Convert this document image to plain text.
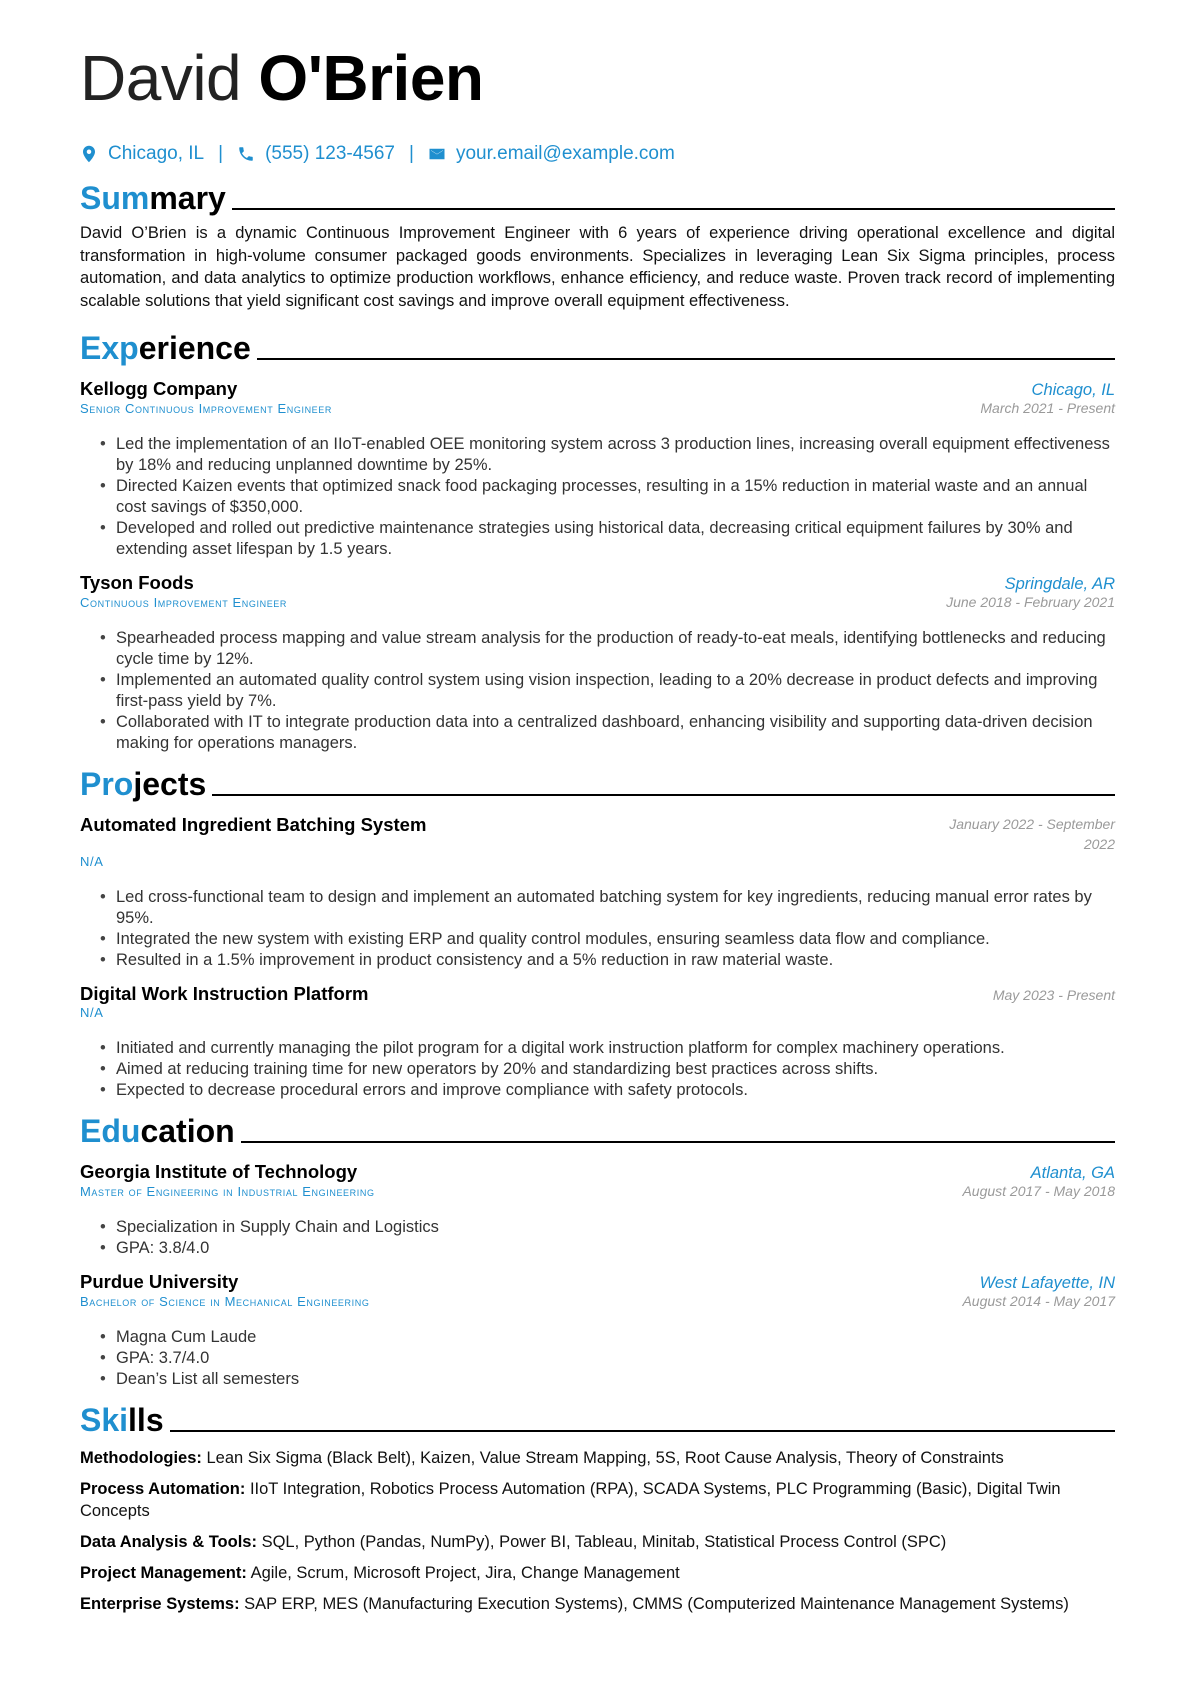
David O'Brien
Chicago, IL | (555) 123-4567 | your.email@example.com
Summary

David O’Brien is a dynamic Continuous Improvement Engineer with 6 years of experience driving operational excellence and digital transformation in high-volume consumer packaged goods environments. Specializes in leveraging Lean Six Sigma principles, process automation, and data analytics to optimize production workflows, enhance efficiency, and reduce waste. Proven track record of implementing scalable solutions that yield significant cost savings and improve overall equipment effectiveness.

Experience
Kellogg Company	Chicago, IL
Senior Continuous Improvement Engineer	March 2021 - Present
• Led the implementation of an IIoT-enabled OEE monitoring system across 3 production lines, increasing overall equipment effectiveness by 18% and reducing unplanned downtime by 25%.
• Directed Kaizen events that optimized snack food packaging processes, resulting in a 15% reduction in material waste and an annual cost savings of $350,000.
• Developed and rolled out predictive maintenance strategies using historical data, decreasing critical equipment failures by 30% and extending asset lifespan by 1.5 years.
Tyson Foods	Springdale, AR
Continuous Improvement Engineer	June 2018 - February 2021
• Spearheaded process mapping and value stream analysis for the production of ready-to-eat meals, identifying bottlenecks and reducing cycle time by 12%.
• Implemented an automated quality control system using vision inspection, leading to a 20% decrease in product defects and improving first-pass yield by 7%.
• Collaborated with IT to integrate production data into a centralized dashboard, enhancing visibility and supporting data-driven decision making for operations managers.
Projects
Automated Ingredient Batching System	January 2022 - September 2022
N/A
• Led cross-functional team to design and implement an automated batching system for key ingredients, reducing manual error rates by 95%.
• Integrated the new system with existing ERP and quality control modules, ensuring seamless data flow and compliance.
• Resulted in a 1.5% improvement in product consistency and a 5% reduction in raw material waste.
Digital Work Instruction Platform	May 2023 - Present
N/A
• Initiated and currently managing the pilot program for a digital work instruction platform for complex machinery operations.
• Aimed at reducing training time for new operators by 20% and standardizing best practices across shifts.
• Expected to decrease procedural errors and improve compliance with safety protocols.
Education
Georgia Institute of Technology	Atlanta, GA
Master of Engineering in Industrial Engineering	August 2017 - May 2018
• Specialization in Supply Chain and Logistics
• GPA: 3.8/4.0
Purdue University	West Lafayette, IN
Bachelor of Science in Mechanical Engineering	August 2014 - May 2017
• Magna Cum Laude
• GPA: 3.7/4.0
• Dean’s List all semesters
Skills
Methodologies: Lean Six Sigma (Black Belt), Kaizen, Value Stream Mapping, 5S, Root Cause Analysis, Theory of Constraints
Process Automation: IIoT Integration, Robotics Process Automation (RPA), SCADA Systems, PLC Programming (Basic), Digital Twin Concepts
Data Analysis & Tools: SQL, Python (Pandas, NumPy), Power BI, Tableau, Minitab, Statistical Process Control (SPC)
Project Management: Agile, Scrum, Microsoft Project, Jira, Change Management
Enterprise Systems: SAP ERP, MES (Manufacturing Execution Systems), CMMS (Computerized Maintenance Management Systems)
